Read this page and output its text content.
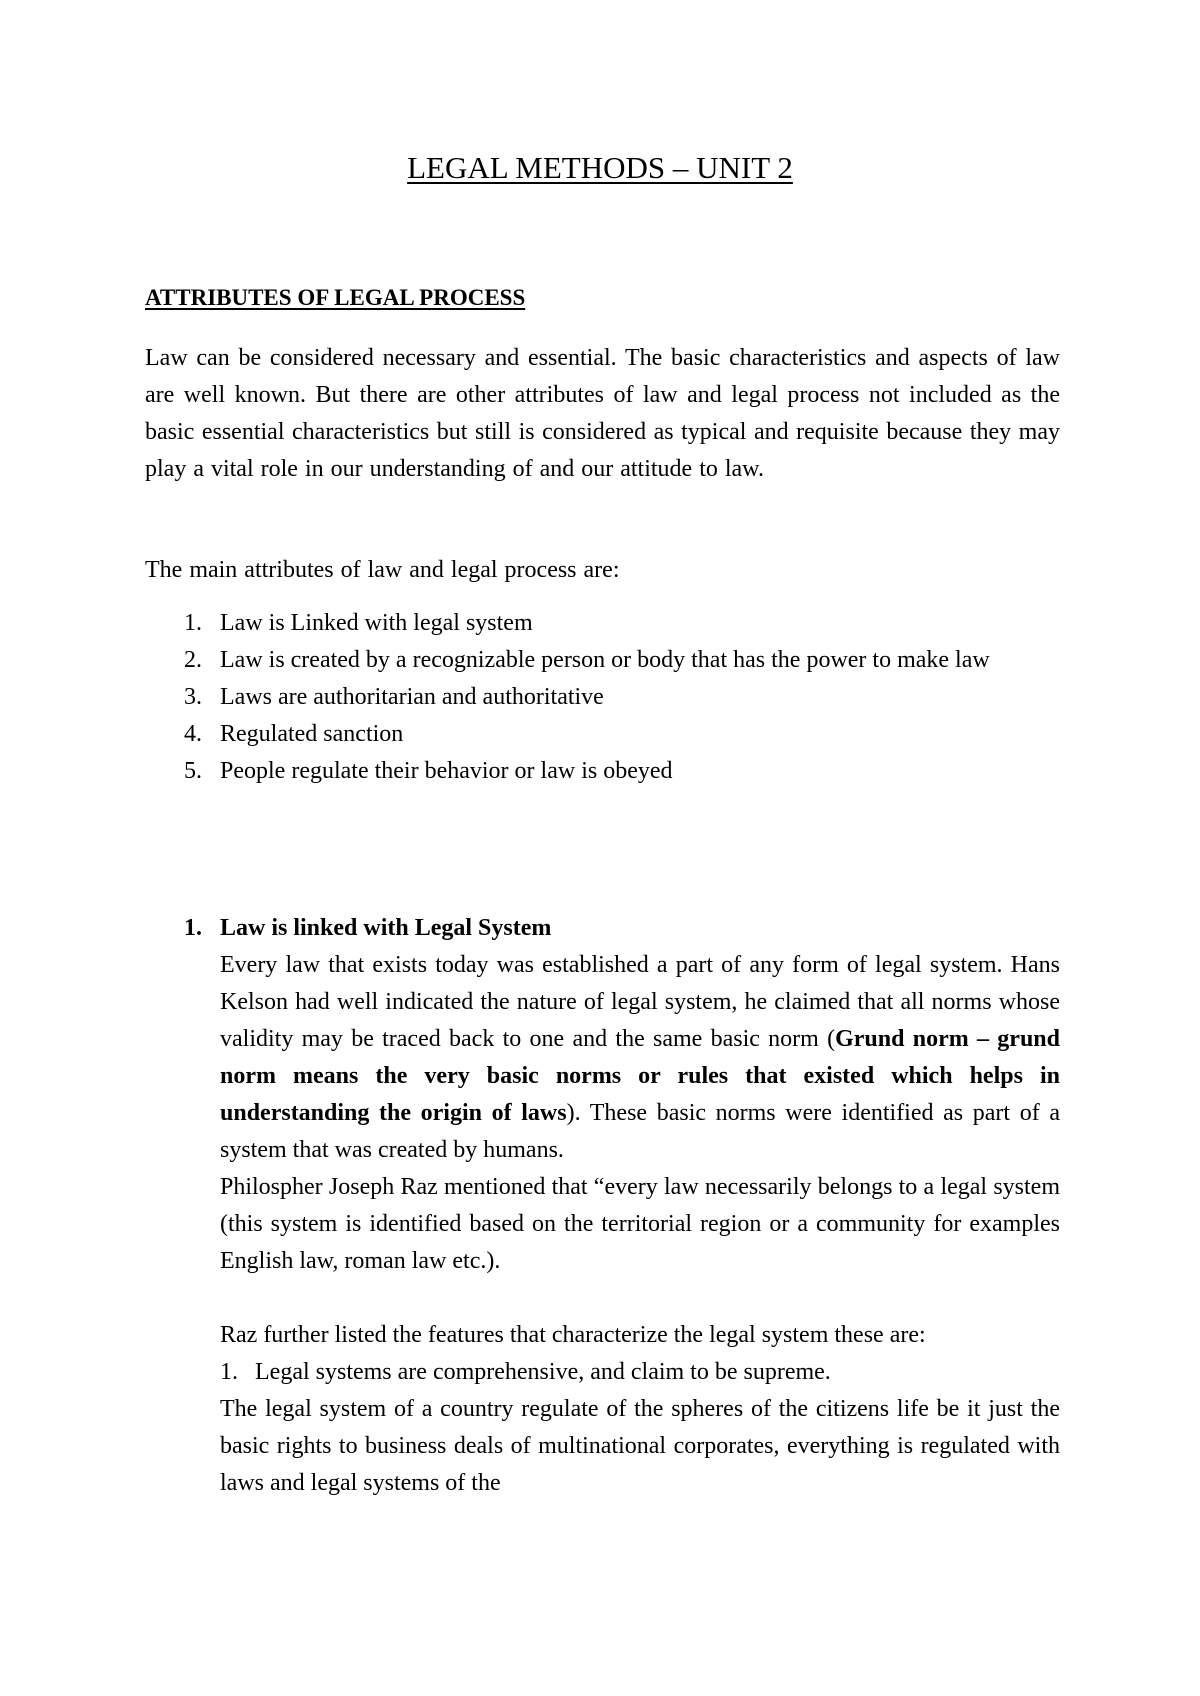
LEGAL METHODS – UNIT 2
ATTRIBUTES OF LEGAL PROCESS

Law can be considered necessary and essential. The basic characteristics and aspects of law are well known. But there are other attributes of law and legal process not included as the basic essential characteristics but still is considered as typical and requisite because they may play a vital role in our understanding of and our attitude to law.

The main attributes of law and legal process are:

1. Law is Linked with legal system
2. Law is created by a recognizable person or body that has the power to make law
3. Laws are authoritarian and authoritative
4. Regulated sanction
5. People regulate their behavior or law is obeyed
1. Law is linked with Legal System

Every law that exists today was established a part of any form of legal system. Hans Kelson had well indicated the nature of legal system, he claimed that all norms whose validity may be traced back to one and the same basic norm (Grund norm – grund norm means the very basic norms or rules that existed which helps in understanding the origin of laws). These basic norms were identified as part of a system that was created by humans.

Philospher Joseph Raz mentioned that “every law necessarily belongs to a legal system (this system is identified based on the territorial region or a community for examples English law, roman law etc.).

Raz further listed the features that characterize the legal system these are:

1. Legal systems are comprehensive, and claim to be supreme.

The legal system of a country regulate of the spheres of the citizens life be it just the basic rights to business deals of multinational corporates, everything is regulated with laws and legal systems of the
